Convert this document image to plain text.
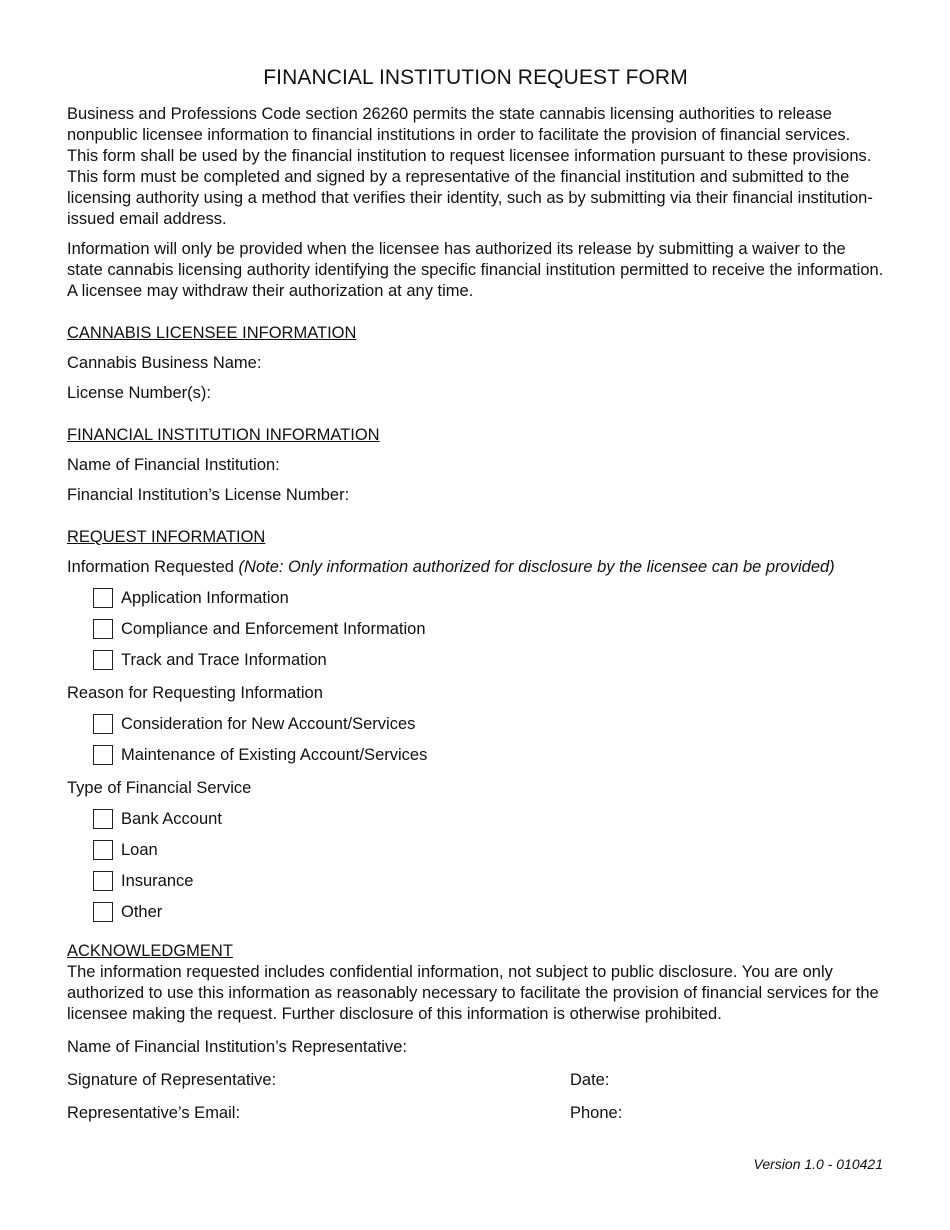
FINANCIAL INSTITUTION REQUEST FORM

Business and Professions Code section 26260 permits the state cannabis licensing authorities to release nonpublic licensee information to financial institutions in order to facilitate the provision of financial services. This form shall be used by the financial institution to request licensee information pursuant to these provisions. This form must be completed and signed by a representative of the financial institution and submitted to the licensing authority using a method that verifies their identity, such as by submitting via their financial institution-issued email address.

Information will only be provided when the licensee has authorized its release by submitting a waiver to the state cannabis licensing authority identifying the specific financial institution permitted to receive the information. A licensee may withdraw their authorization at any time.

CANNABIS LICENSEE INFORMATION
Cannabis Business Name:
License Number(s):
FINANCIAL INSTITUTION INFORMATION
Name of Financial Institution:
Financial Institution’s License Number:
REQUEST INFORMATION
Information Requested (Note: Only information authorized for disclosure by the licensee can be provided)
Application Information
Compliance and Enforcement Information
Track and Trace Information
Reason for Requesting Information
Consideration for New Account/Services
Maintenance of Existing Account/Services
Type of Financial Service
Bank Account
Loan
Insurance
Other
ACKNOWLEDGMENT

The information requested includes confidential information, not subject to public disclosure. You are only authorized to use this information as reasonably necessary to facilitate the provision of financial services for the licensee making the request. Further disclosure of this information is otherwise prohibited.

Name of Financial Institution’s Representative:
Signature of Representative:	Date:
Representative’s Email:	Phone:
Version 1.0 - 010421
